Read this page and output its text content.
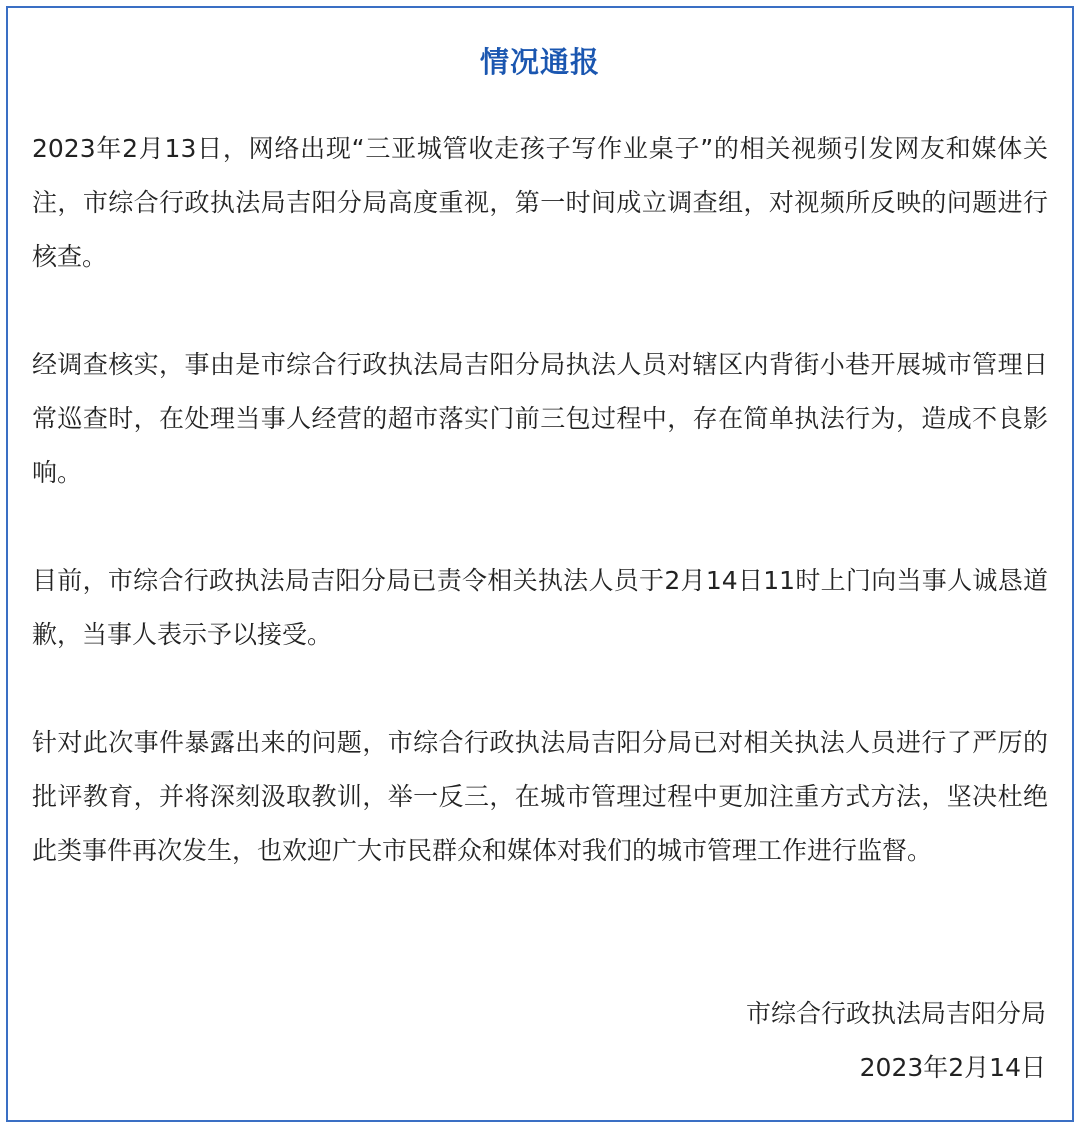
情况通报

2023年2月13日，网络出现“三亚城管收走孩子写作业桌子”的相关视频引发网友和媒体关注，市综合行政执法局吉阳分局高度重视，第一时间成立调查组，对视频所反映的问题进行核查。

经调查核实，事由是市综合行政执法局吉阳分局执法人员对辖区内背街小巷开展城市管理日常巡查时，在处理当事人经营的超市落实门前三包过程中，存在简单执法行为，造成不良影响。

目前，市综合行政执法局吉阳分局已责令相关执法人员于2月14日11时上门向当事人诚恳道歉，当事人表示予以接受。

针对此次事件暴露出来的问题，市综合行政执法局吉阳分局已对相关执法人员进行了严厉的批评教育，并将深刻汲取教训，举一反三，在城市管理过程中更加注重方式方法，坚决杜绝此类事件再次发生，也欢迎广大市民群众和媒体对我们的城市管理工作进行监督。

市综合行政执法局吉阳分局
2023年2月14日
